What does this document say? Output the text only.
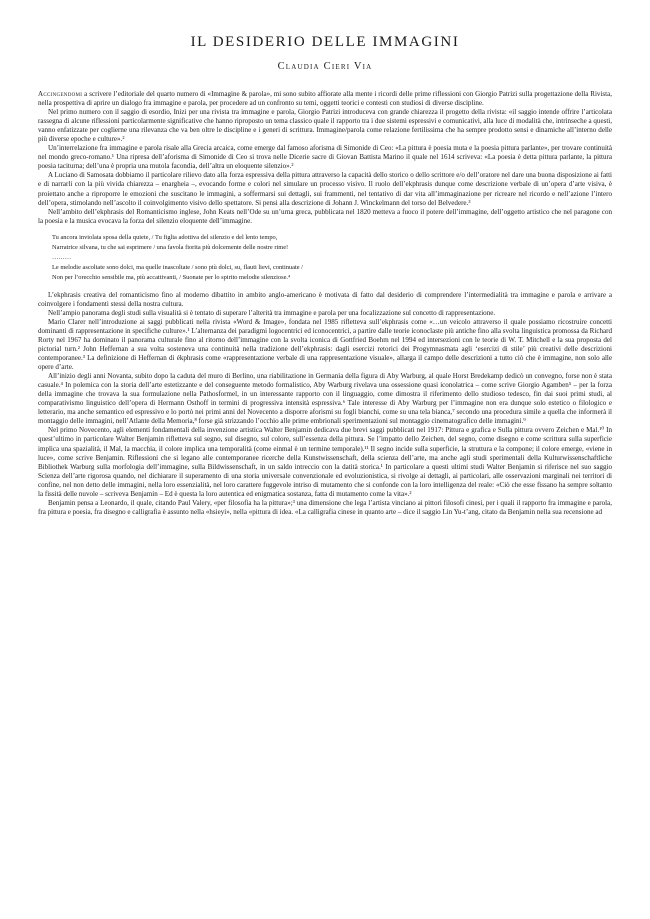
IL DESIDERIO DELLE IMMAGINI
Claudia Cieri Via

Accingendomi a scrivere l’editoriale del quarto numero di «Immagine & parola», mi sono subito affiorate alla mente i ricordi delle prime riflessioni con Giorgio Patrizi sulla progettazione della Rivista, nella prospettiva di aprire un dialogo fra immagine e parola, per procedere ad un confronto su temi, oggetti teorici e contesti con studiosi di diverse discipline.

Nel primo numero con il saggio di esordio, Inizi per una rivista tra immagine e parola, Giorgio Patrizi introduceva con grande chiarezza il progetto della rivista: «il saggio intende offrire l’articolata rassegna di alcune riflessioni particolarmente significative che hanno riproposto un tema classico quale il rapporto tra i due sistemi espressivi e comunicativi, alla luce di modalità che, intrinseche a questi, vanno enfatizzate per coglierne una rilevanza che va ben oltre le discipline e i generi di scrittura. Immagine/parola come relazione fertilissima che ha sempre prodotto sensi e dinamiche all’interno delle più diverse epoche e culture».²

Un’interrelazione fra immagine e parola risale alla Grecia arcaica, come emerge dal famoso aforisma di Simonide di Ceo: «La pittura è poesia muta e la poesia pittura parlante», per trovare continuità nel mondo greco-romano.¹ Una ripresa dell’aforisma di Simonide di Ceo si trova nelle Dicerie sacre di Giovan Battista Marino il quale nel 1614 scriveva: «La poesia è detta pittura parlante, la pittura poesia taciturna; dell’una è propria una mutola facondia, dell’altra un eloquente silenzio».²

A Luciano di Samosata dobbiamo il particolare rilievo dato alla forza espressiva della pittura attraverso la capacità dello storico o dello scrittore e/o dell’oratore nel dare una buona disposizione ai fatti e di narrarli con la più vivida chiarezza – enargheia –, evocando forme e colori nel simulare un processo visivo. Il ruolo dell’ekphrasis dunque come descrizione verbale di un’opera d’arte visiva, è proiettato anche a riproporre le emozioni che suscitano le immagini, a soffermarsi sui dettagli, sui frammenti, nel tentativo di dar vita all’immaginazione per ricreare nel ricordo e nell’azione l’intero dell’opera, stimolando nell’ascolto il coinvolgimento visivo dello spettatore. Si pensi alla descrizione di Johann J. Winckelmann del torso del Belvedere.³

Nell’ambito dell’ekphrasis del Romanticismo inglese, John Keats nell’Ode su un’urna greca, pubblicata nel 1820 metteva a fuoco il potere dell’immagine, dell’oggetto artistico che nel paragone con la poesia e la musica evocava la forza del silenzio eloquente dell’immagine.

Tu ancora inviolata sposa della quiete, / Tu figlia adottiva del silenzio e del lento tempo,
Narratrice silvana, tu che sai esprimere / una favola fiorita più dolcemente delle nostre rime!
………
Le melodie ascoltate sono dolci, ma quelle inascoltate / sono più dolci, su, flauti lievi, continuate /
Non per l’orecchio sensibile ma, più accattivanti, / Suonate per lo spirito melodie silenziose.⁴

L’ekphrasis creativa del romanticismo fino al moderno dibattito in ambito anglo-americano è motivata di fatto dal desiderio di comprendere l’intermedialità tra immagine e parola e arrivare a coinvolgere i fondamenti stessi della nostra cultura.

Nell’ampio panorama degli studi sulla visualità si è tentato di superare l’alterità tra immagine e parola per una focalizzazione sul concetto di rappresentazione.

Mario Clarer nell’introduzione ai saggi pubblicati nella rivista «Word & Image», fondata nel 1985 rifletteva sull’ekphrasis come «…un veicolo attraverso il quale possiamo ricostruire concetti dominanti di rappresentazione in specifiche culture».¹ L’alternanza dei paradigmi logocentrici ed iconocentrici, a partire dalle teorie iconoclaste più antiche fino alla svolta linguistica promossa da Richard Rorty nel 1967 ha dominato il panorama culturale fino al ritorno dell’immagine con la svolta iconica di Gottfried Boehm nel 1994 ed intersezioni con le teorie di W. T. Mitchell e la sua proposta del pictorial turn.² John Heffernan a sua volta sosteneva una continuità nella tradizione dell’ekphrasis: dagli esercizi retorici dei Progymnasmata agli ‘esercizi di stile’ più creativi delle descrizioni contemporanee.³ La definizione di Heffernan di ékphrasis come «rappresentazione verbale di una rappresentazione visuale», allarga il campo delle descrizioni a tutto ciò che è immagine, non solo alle opere d’arte.

All’inizio degli anni Novanta, subito dopo la caduta del muro di Berlino, una riabilitazione in Germania della figura di Aby Warburg, al quale Horst Bredekamp dedicò un convegno, forse non è stata casuale.⁴ In polemica con la storia dell’arte estetizzante e del conseguente metodo formalistico, Aby Warburg rivelava una ossessione quasi iconolatrica – come scrive Giorgio Agamben⁵ – per la forza della immagine che trovava la sua formulazione nella Pathosformel, in un interessante rapporto con il linguaggio, come dimostra il riferimento dello studioso tedesco, fin dai suoi primi studi, al comparativismo linguistico dell’opera di Hermann Osthoff in termini di progressiva intensità espressiva.⁶ Tale interesse di Aby Warburg per l’immagine non era dunque solo estetico o filologico e letterario, ma anche semantico ed espressivo e lo portò nei primi anni del Novecento a disporre aforismi su fogli bianchi, come su una tela bianca,⁷ secondo una procedura simile a quella che informerà il montaggio delle immagini, nell’Atlante della Memoria,⁸ forse già strizzando l’occhio alle prime embrionali sperimentazioni sul montaggio cinematografico delle immagini.⁹

Nel primo Novecento, agli elementi fondamentali della invenzione artistica Walter Benjamin dedicava due brevi saggi pubblicati nel 1917: Pittura e grafica e Sulla pittura ovvero Zeichen e Mal.¹⁰ In quest’ultimo in particolare Walter Benjamin rifletteva sul segno, sul disegno, sul colore, sull’essenza della pittura. Se l’impatto dello Zeichen, del segno, come disegno e come scrittura sulla superficie implica una spazialità, il Mal, la macchia, il colore implica una temporalità (come einmal è un termine temporale).¹¹ Il segno incide sulla superficie, la struttura e la compone; il colore emerge, «viene in luce», come scrive Benjamin. Riflessioni che si legano alle contemporanee ricerche della Kunstwissenschaft, della scienza dell’arte, ma anche agli studi sperimentali della Kulturwissenschaftliche Bibliothek Warburg sulla morfologia dell’immagine, sulla Bildwissenschaft, in un saldo intreccio con la datità storica.¹ In particolare a questi ultimi studi Walter Benjamin si riferisce nel suo saggio Scienza dell’arte rigorosa quando, nel dichiarare il superamento di una storia universale convenzionale ed evoluzionistica, si rivolge ai dettagli, ai particolari, alle osservazioni marginali nei territori di confine, nel non detto delle immagini, nella loro essenzialità, nel loro carattere fuggevole intriso di mutamento che si confonde con la loro intelligenza del reale: «Ciò che esse fissano ha sempre soltanto la fissità delle nuvole – scriveva Benjamin – Ed è questa la loro autentica ed enigmatica sostanza, fatta di mutamento come la vita».²

Benjamin pensa a Leonardo, il quale, citando Paul Valery, «per filosofia ha la pittura»;³ una dimensione che lega l’artista vinciano ai pittori filosofi cinesi, per i quali il rapporto fra immagine e parola, fra pittura e poesia, fra disegno e calligrafia è assunto nella «hsieyi», nella «pittura di idea. «La calligrafia cinese in quanto arte – dice il saggio Lin Yu-t’ang, citato da Benjamin nella sua recensione ad
